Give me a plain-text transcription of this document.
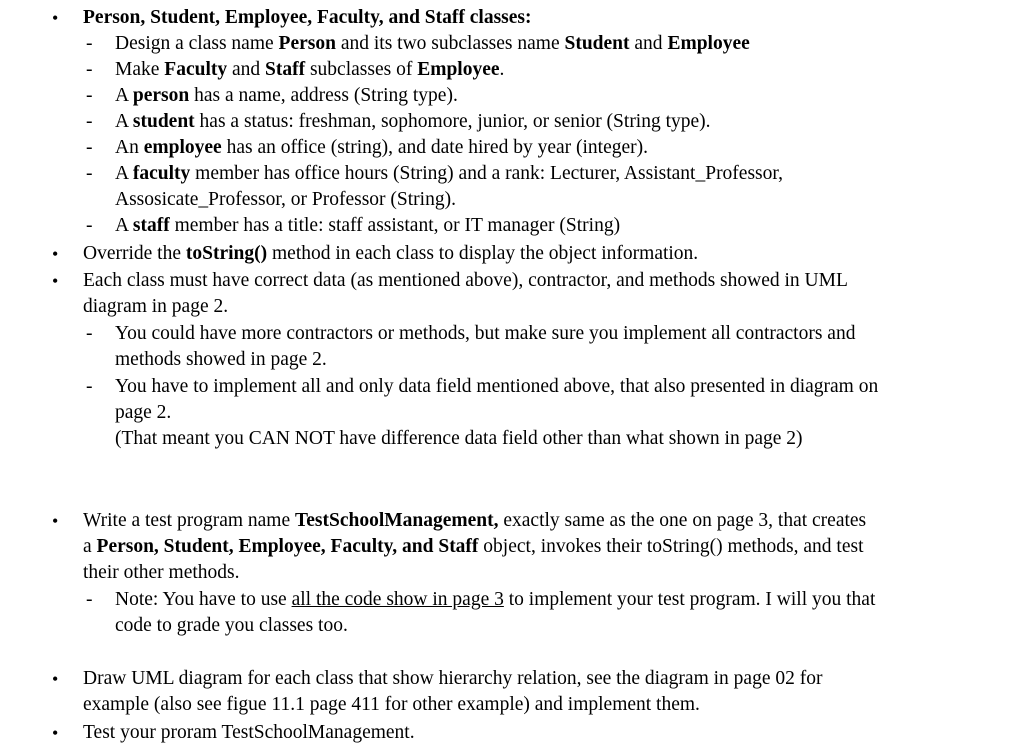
• Person, Student, Employee, Faculty, and Staff classes:
- Design a class name Person and its two subclasses name Student and Employee
- Make Faculty and Staff subclasses of Employee.
- A person has a name, address (String type).
- A student has a status: freshman, sophomore, junior, or senior (String type).
- An employee has an office (string), and date hired by year (integer).
- A faculty member has office hours (String) and a rank: Lecturer, Assistant_Professor,
Assosicate_Professor, or Professor (String).
- A staff member has a title: staff assistant, or IT manager (String)
• Override the toString() method in each class to display the object information.
• Each class must have correct data (as mentioned above), contractor, and methods showed in UML
diagram in page 2.
- You could have more contractors or methods, but make sure you implement all contractors and
methods showed in page 2.
- You have to implement all and only data field mentioned above, that also presented in diagram on
page 2.
(That meant you CAN NOT have difference data field other than what shown in page 2)
• Write a test program name TestSchoolManagement, exactly same as the one on page 3, that creates
a Person, Student, Employee, Faculty, and Staff object, invokes their toString() methods, and test
their other methods.
- Note: You have to use all the code show in page 3 to implement your test program. I will you that
code to grade you classes too.
• Draw UML diagram for each class that show hierarchy relation, see the diagram in page 02 for
example (also see figue 11.1 page 411 for other example) and implement them.
• Test your proram TestSchoolManagement.
